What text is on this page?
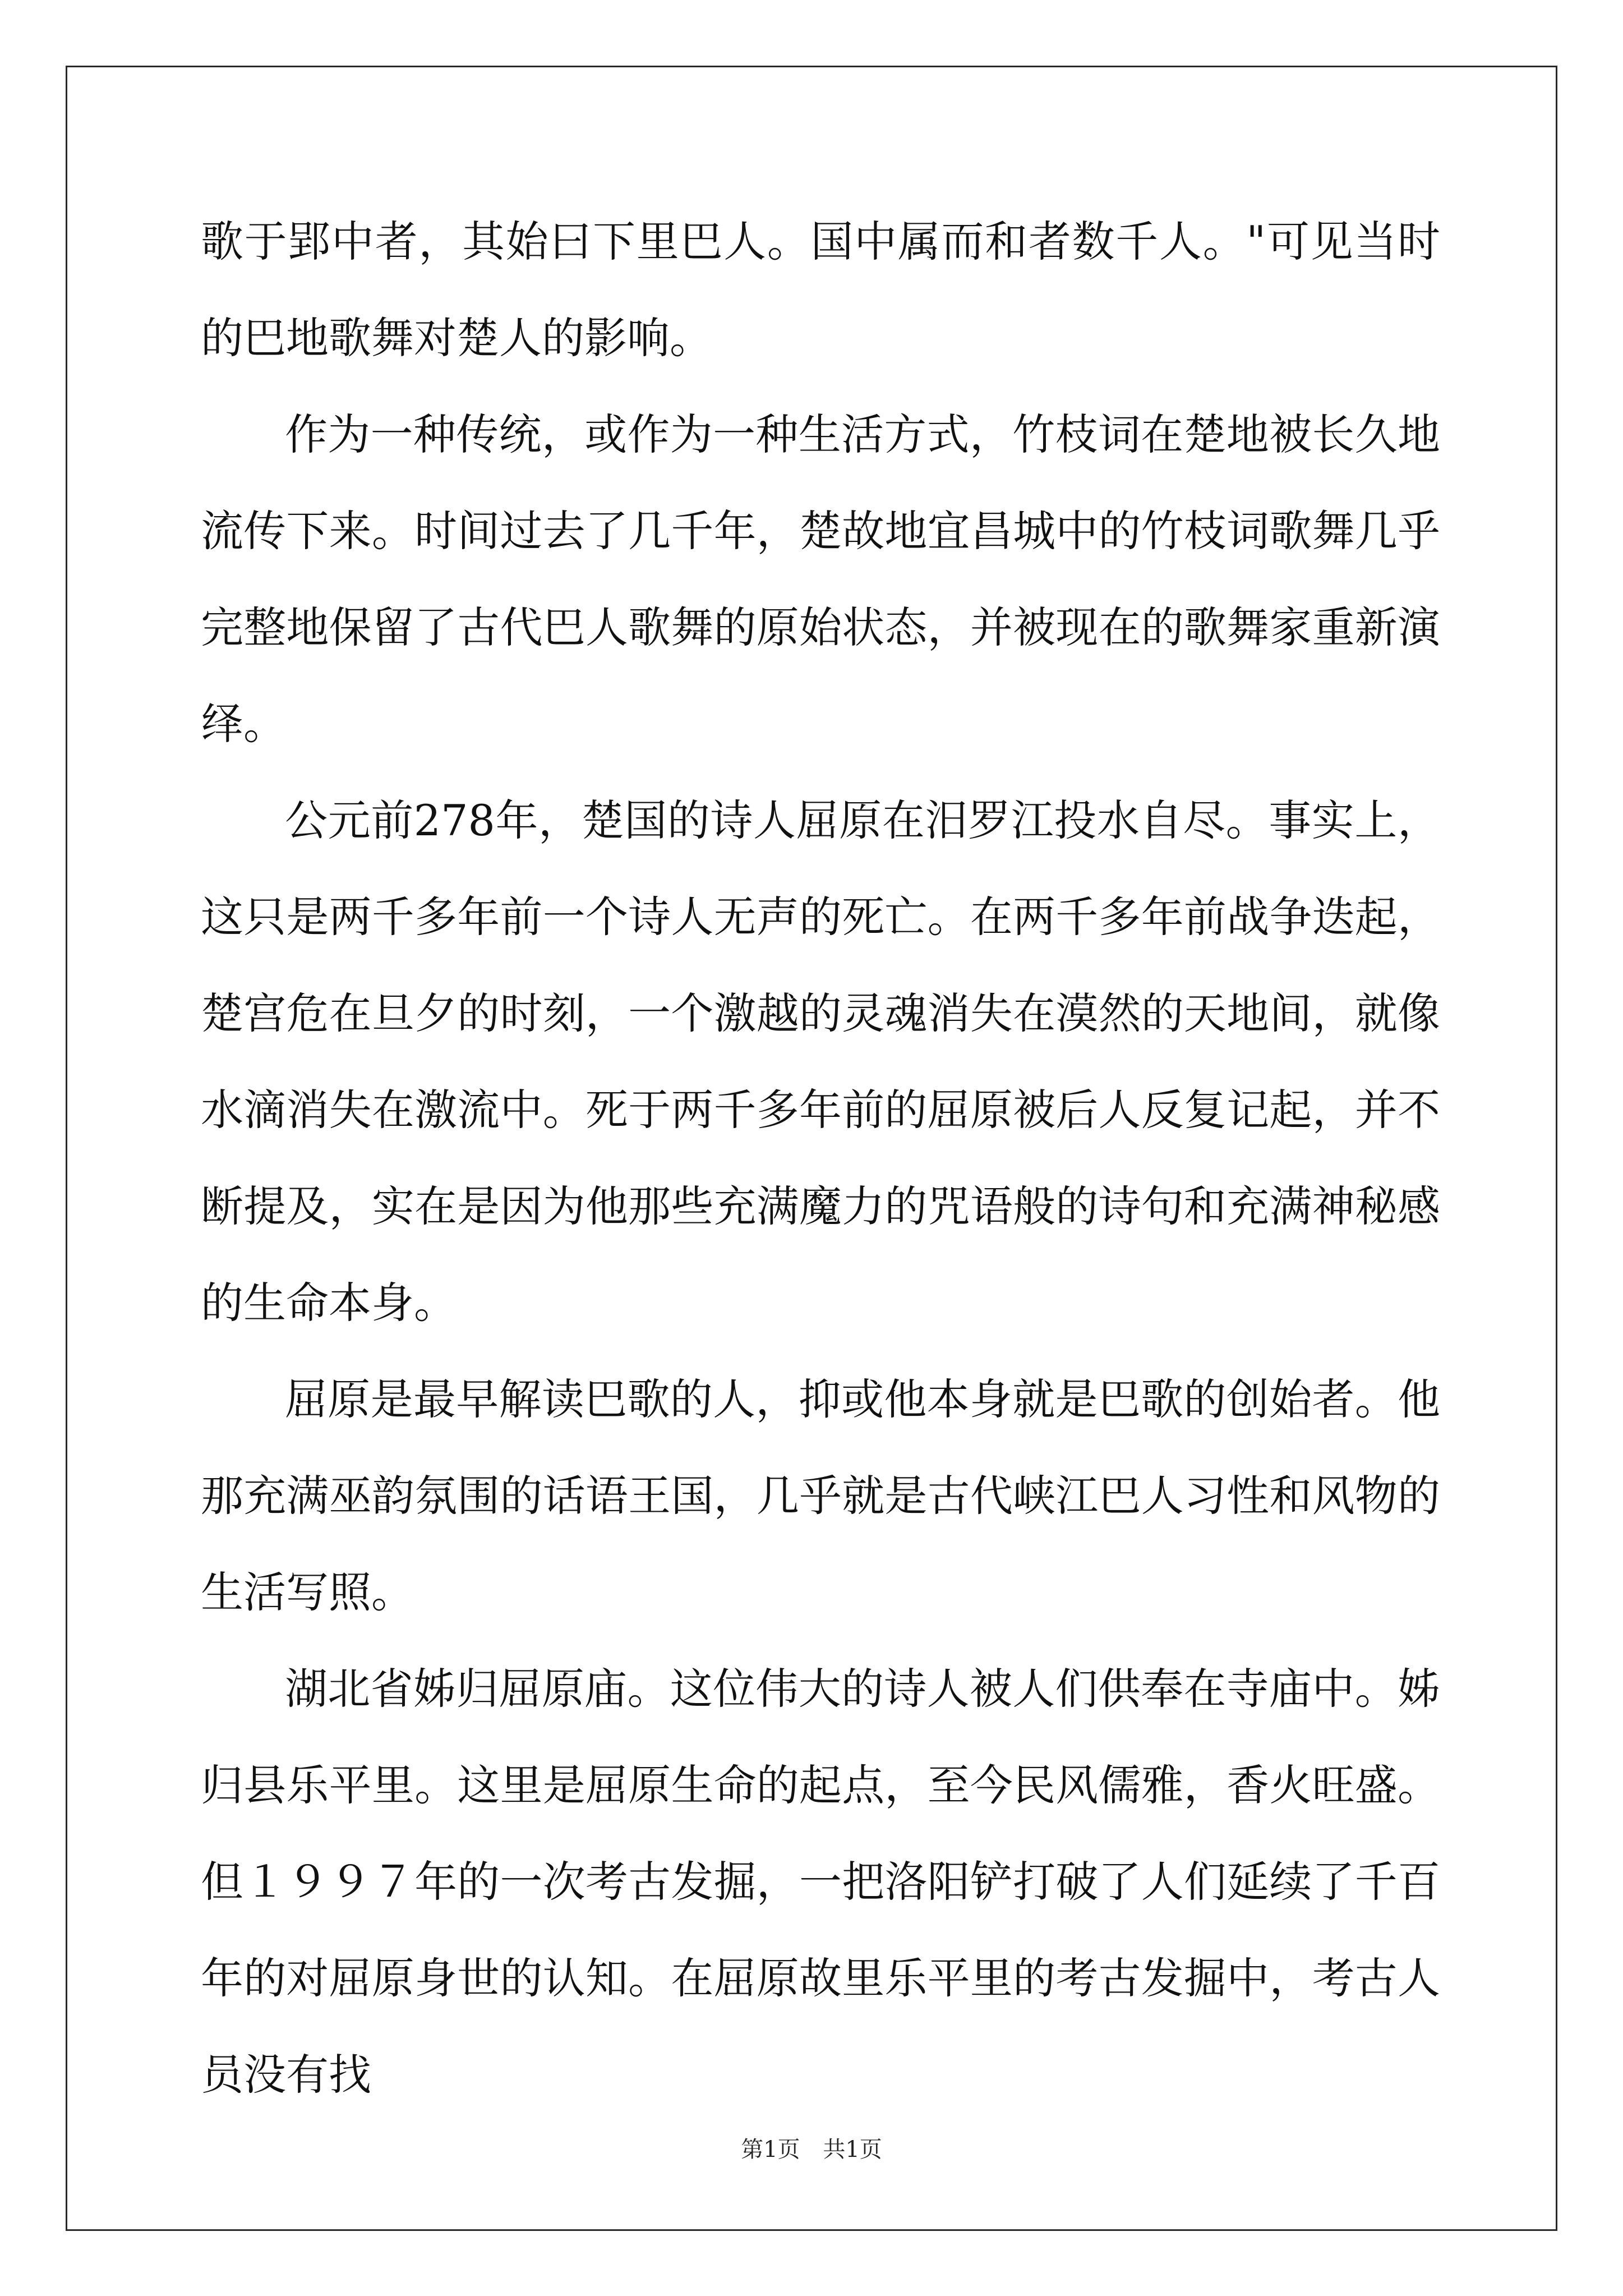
歌于郢中者，其始曰下里巴人。国中属而和者数千人。"可见当时的巴地歌舞对楚人的影响。

作为一种传统，或作为一种生活方式，竹枝词在楚地被长久地流传下来。时间过去了几千年，楚故地宜昌城中的竹枝词歌舞几乎完整地保留了古代巴人歌舞的原始状态，并被现在的歌舞家重新演绎。

公元前278年，楚国的诗人屈原在汨罗江投水自尽。事实上，这只是两千多年前一个诗人无声的死亡。在两千多年前战争迭起，楚宫危在旦夕的时刻，一个激越的灵魂消失在漠然的天地间，就像水滴消失在激流中。死于两千多年前的屈原被后人反复记起，并不断提及，实在是因为他那些充满魔力的咒语般的诗句和充满神秘感的生命本身。

屈原是最早解读巴歌的人，抑或他本身就是巴歌的创始者。他那充满巫韵氛围的话语王国，几乎就是古代峡江巴人习性和风物的生活写照。

湖北省姊归屈原庙。这位伟大的诗人被人们供奉在寺庙中。姊归县乐平里。这里是屈原生命的起点，至今民风儒雅，香火旺盛。但１９９７年的一次考古发掘，一把洛阳铲打破了人们延续了千百年的对屈原身世的认知。在屈原故里乐平里的考古发掘中，考古人员没有找

第1页 共1页
